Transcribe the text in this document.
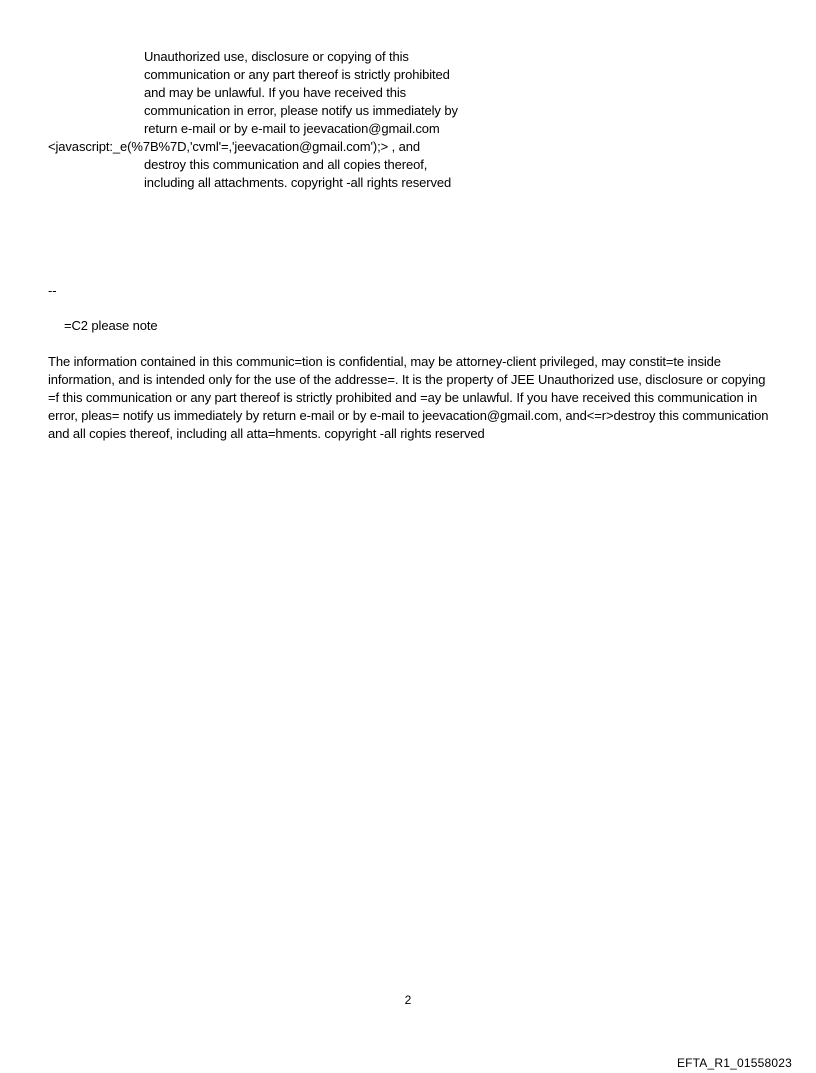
Unauthorized use, disclosure or copying of this
communication or any part thereof is strictly prohibited
and may be unlawful. If you have received this
communication in error, please notify us immediately by
return e-mail or by e-mail to jeevacation@gmail.com
<javascript:_e(%7B%7D,'cvml'=,'jeevacation@gmail.com');> , and
destroy this communication and all copies thereof,
including all attachments. copyright -all rights reserved
--
=C2 please note
The information contained in this communic=tion is confidential, may be attorney-client privileged, may constit=te inside information, and is intended only for the use of the addresse=. It is the property of JEE Unauthorized use, disclosure or copying =f this communication or any part thereof is strictly prohibited and =ay be unlawful. If you have received this communication in error, pleas= notify us immediately by return e-mail or by e-mail to jeevacation@gmail.com, and<=r>destroy this communication and all copies thereof, including all atta=hments. copyright -all rights reserved
2
EFTA_R1_01558023
